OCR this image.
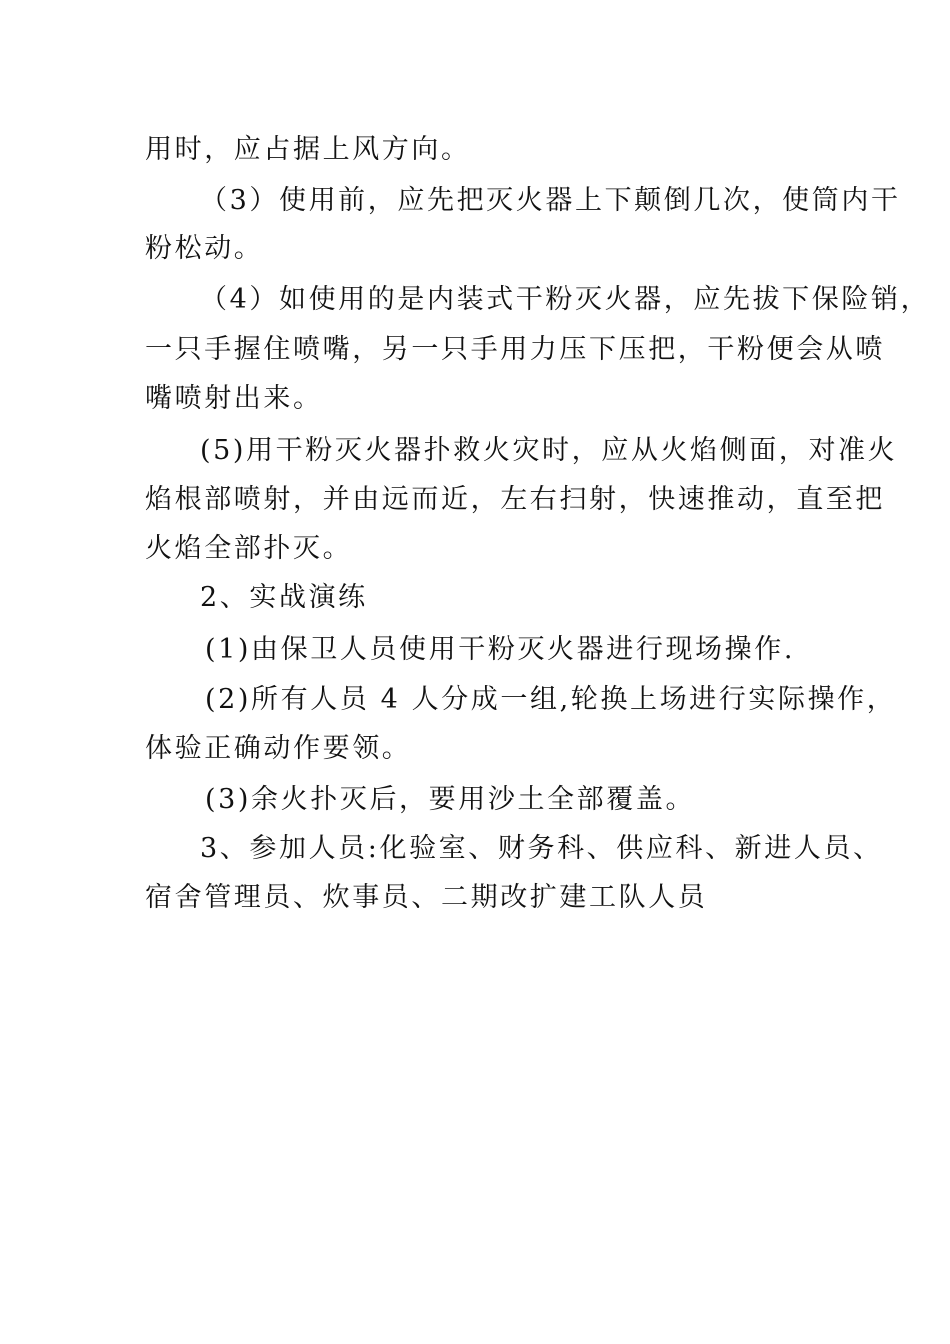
用时，应占据上风方向。
（3）使用前，应先把灭火器上下颠倒几次，使筒内干
粉松动。
（4）如使用的是内装式干粉灭火器，应先拔下保险销，
一只手握住喷嘴，另一只手用力压下压把，干粉便会从喷
嘴喷射出来。
(5)用干粉灭火器扑救火灾时，应从火焰侧面，对准火
焰根部喷射，并由远而近，左右扫射，快速推动，直至把
火焰全部扑灭。
2、实战演练
(1)由保卫人员使用干粉灭火器进行现场操作.
(2)所有人员 4 人分成一组,轮换上场进行实际操作，
体验正确动作要领。
(3)余火扑灭后，要用沙土全部覆盖。
3、参加人员:化验室、财务科、供应科、新进人员、
宿舍管理员、炊事员、二期改扩建工队人员
